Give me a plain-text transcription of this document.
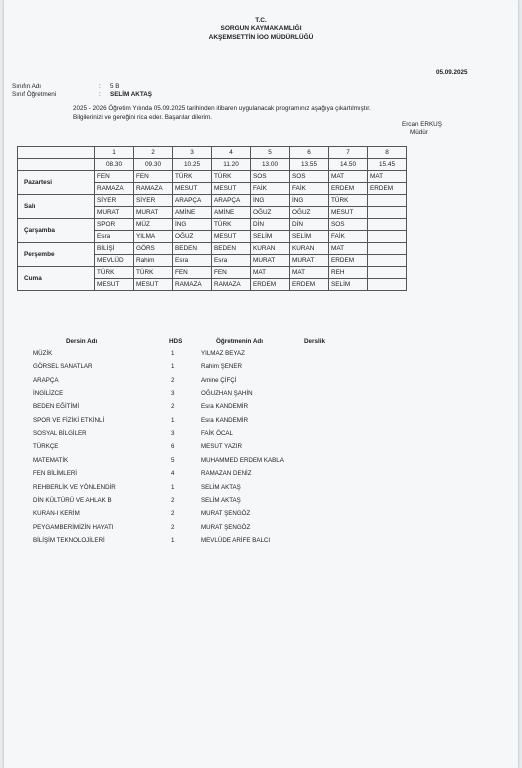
T.C.
SORGUN KAYMAKAMLIĞI
AKŞEMSETTİN İOO MÜDÜRLÜĞÜ
05.09.2025
Sınıfın Adı	: 5 B
Sınıf Öğretmeni	: SELİM AKTAŞ
2025 - 2026 Öğretim Yılında 05.09.2025 tarihinden itibaren uygulanacak programınız aşağıya çıkartılmıştır.
Bilgilerinizi ve gereğini rica eder. Başarılar dilerim.
Ercan ERKUŞ
Müdür
	1	2	3	4	5	6	7	8
	08.30	09.30	10.25	11.20	13.00	13.55	14.50	15.45
Pazartesi	FEN	FEN	TÜRK	TÜRK	SOS	SOS	MAT	MAT
	RAMAZA	RAMAZA	MESUT	MESUT	FAİK	FAİK	ERDEM	ERDEM
Salı	SİYER	SİYER	ARAPÇA	ARAPÇA	İNG	İNG	TÜRK	
	MURAT	MURAT	AMİNE	AMİNE	OĞUZ	OĞUZ	MESUT	
Çarşamba	SPOR	MÜZ	İNG	TÜRK	DİN	DİN	SOS	
	Esra	YILMA	OĞUZ	MESUT	SELİM	SELİM	FAİK	
Perşembe	BİLİŞİ	GÖRS	BEDEN	BEDEN	KURAN	KURAN	MAT	
	MEVLÜD	Rahim	Esra	Esra	MURAT	MURAT	ERDEM	
Cuma	TÜRK	TÜRK	FEN	FEN	MAT	MAT	REH	
	MESUT	MESUT	RAMAZA	RAMAZA	ERDEM	ERDEM	SELİM	
Dersin Adı	HDS	Öğretmenin Adı	Derslik
MÜZİK	1	YILMAZ BEYAZ
GÖRSEL SANATLAR	1	Rahim ŞENER
ARAPÇA	2	Amine ÇİFÇİ
İNGİLİZCE	3	OĞUZHAN ŞAHİN
BEDEN EĞİTİMİ	2	Esra KANDEMİR
SPOR VE FİZİKİ ETKİNLİ	1	Esra KANDEMİR
SOSYAL BİLGİLER	3	FAİK ÖCAL
TÜRKÇE	6	MESUT YAZIR
MATEMATİK	5	MUHAMMED ERDEM KABLA
FEN BİLİMLERİ	4	RAMAZAN DENİZ
REHBERLİK VE YÖNLENDİR	1	SELİM AKTAŞ
DİN KÜLTÜRÜ VE AHLAK B	2	SELİM AKTAŞ
KURAN-I KERİM	2	MURAT ŞENGÖZ
PEYGAMBERİMİZİN HAYATI	2	MURAT ŞENGÖZ
BİLİŞİM TEKNOLOJİLERİ	1	MEVLÜDE ARİFE BALCI
